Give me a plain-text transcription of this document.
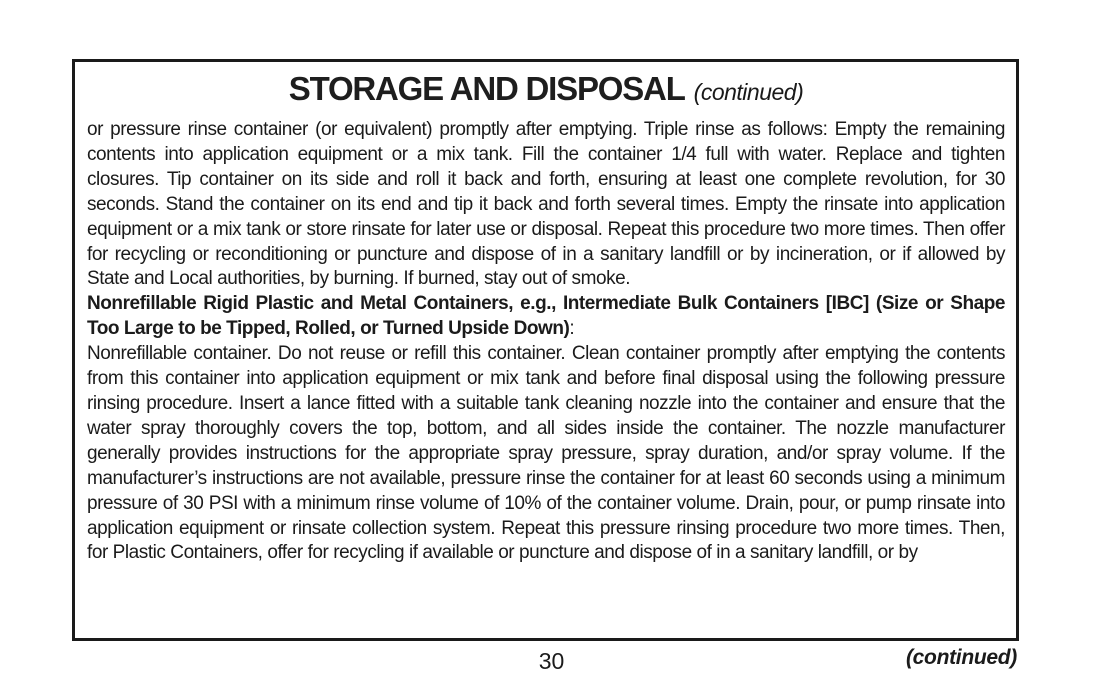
STORAGE AND DISPOSAL (continued)

or pressure rinse container (or equivalent) promptly after emptying. Triple rinse as follows: Empty the remaining contents into application equipment or a mix tank. Fill the container 1/4 full with water. Replace and tighten closures. Tip container on its side and roll it back and forth, ensuring at least one complete revolution, for 30 seconds. Stand the container on its end and tip it back and forth several times. Empty the rinsate into application equipment or a mix tank or store rinsate for later use or disposal. Repeat this procedure two more times. Then offer for recycling or reconditioning or puncture and dispose of in a sanitary landfill or by incineration, or if allowed by State and Local authorities, by burning. If burned, stay out of smoke.

Nonrefillable Rigid Plastic and Metal Containers, e.g., Intermediate Bulk Containers [IBC] (Size or Shape Too Large to be Tipped, Rolled, or Turned Upside Down):

Nonrefillable container. Do not reuse or refill this container. Clean container promptly after emptying the contents from this container into application equipment or mix tank and before final disposal using the following pressure rinsing procedure. Insert a lance fitted with a suitable tank cleaning nozzle into the container and ensure that the water spray thoroughly covers the top, bottom, and all sides inside the container. The nozzle manufacturer generally provides instructions for the appropriate spray pressure, spray duration, and/or spray volume. If the manufacturer’s instructions are not available, pressure rinse the container for at least 60 seconds using a minimum pressure of 30 PSI with a minimum rinse volume of 10% of the container volume. Drain, pour, or pump rinsate into application equipment or rinsate collection system. Repeat this pressure rinsing procedure two more times. Then, for Plastic Containers, offer for recycling if available or puncture and dispose of in a sanitary landfill, or by

30	(continued)
